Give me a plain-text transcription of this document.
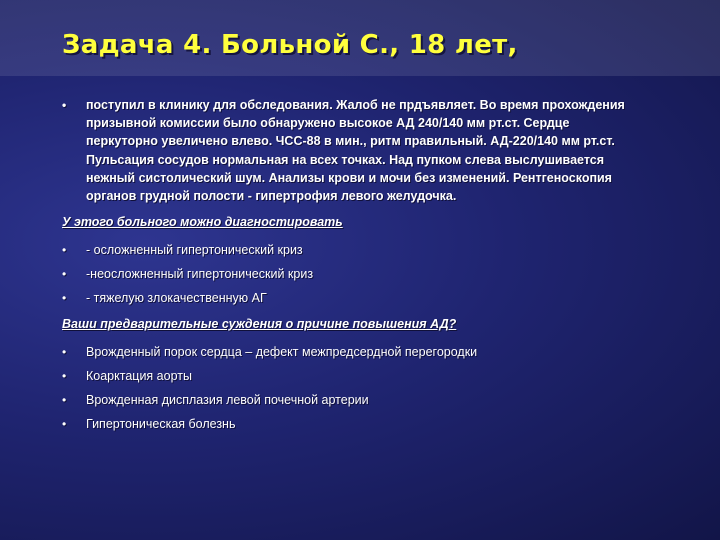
Задача 4. Больной С., 18 лет,
•	поступил в клинику для обследования. Жалоб не прдъявляет. Во время прохождения призывной комиссии было обнаружено высокое АД 240/140 мм рт.ст. Сердце перкуторно увеличено влево. ЧСС-88 в мин., ритм правильный. АД-220/140 мм рт.ст. Пульсация сосудов нормальная на всех точках. Над пупком слева выслушивается нежный систолический шум. Анализы крови и мочи без изменений. Рентгеноскопия органов грудной полости - гипертрофия левого желудочка.
У этого больного можно диагностировать
•	- осложненный гипертонический криз
•	-неосложненный гипертонический криз
•	- тяжелую злокачественную АГ
Ваши предварительные суждения о причине повышения АД?
•	Врожденный порок сердца – дефект межпредсердной перегородки
•	Коарктация аорты
•	Врожденная дисплазия левой почечной артерии
•	Гипертоническая болезнь
